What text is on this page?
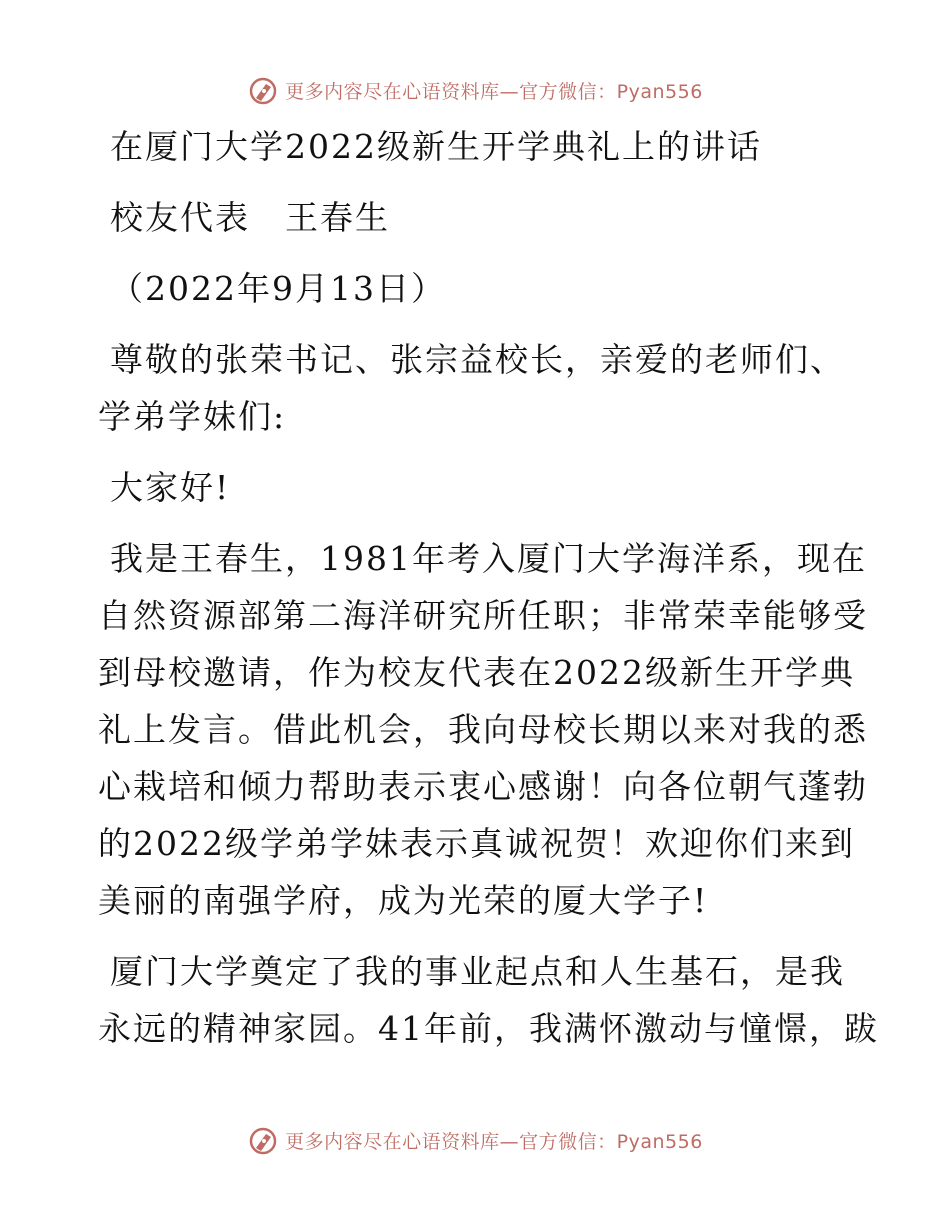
更多内容尽在心语资料库—官方微信：Pyan556

在厦门大学2022级新生开学典礼上的讲话

校友代表　王春生

（2022年9月13日）

尊敬的张荣书记、张宗益校长，亲爱的老师们、

学弟学妹们:

大家好!

我是王春生，1981年考入厦门大学海洋系，现在

自然资源部第二海洋研究所任职；非常荣幸能够受

到母校邀请，作为校友代表在2022级新生开学典

礼上发言。借此机会，我向母校长期以来对我的悉

心栽培和倾力帮助表示衷心感谢！向各位朝气蓬勃

的2022级学弟学妹表示真诚祝贺！欢迎你们来到

美丽的南强学府，成为光荣的厦大学子!

厦门大学奠定了我的事业起点和人生基石，是我

永远的精神家园。41年前，我满怀激动与憧憬，跋

更多内容尽在心语资料库—官方微信：Pyan556
